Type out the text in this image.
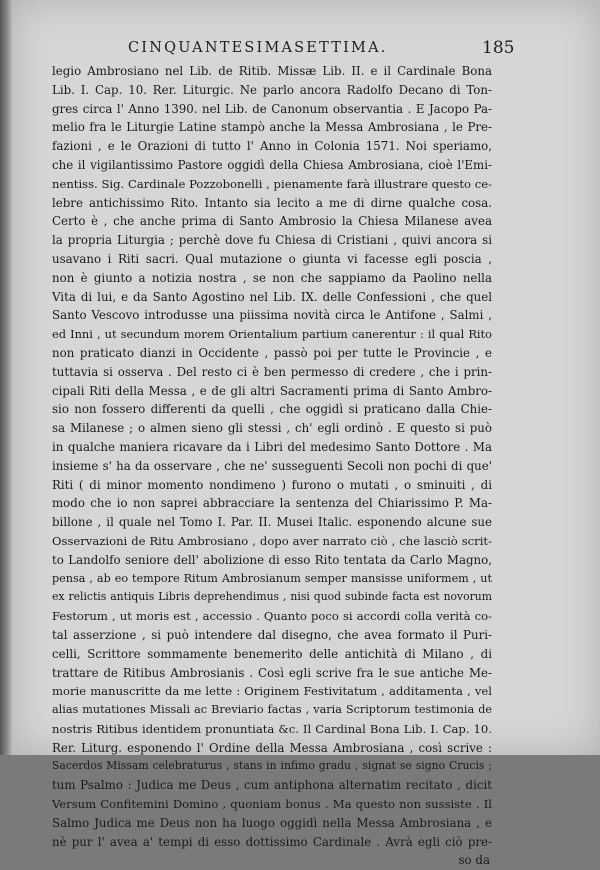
CINQUANTESIMASETTIMA.	185
legio Ambrosiano nel Lib. de Ritib. Missæ Lib. II. e il Cardinale Bona
Lib. I. Cap. 10. Rer. Liturgic. Ne parlo ancora Radolfo Decano di Ton-
gres circa l' Anno 1390. nel Lib. de Canonum observantia . E Jacopo Pa-
melio fra le Liturgie Latine stampò anche la Messa Ambrosiana , le Pre-
fazioni , e le Orazioni di tutto l' Anno in Colonia 1571. Noi speriamo,
che il vigilantissimo Pastore oggidì della Chiesa Ambrosiana, cioè l'Emi-
nentiss. Sig. Cardinale Pozzobonelli , pienamente farà illustrare questo ce-
lebre antichissimo Rito. Intanto sia lecito a me di dirne qualche cosa.
Certo è , che anche prima di Santo Ambrosio la Chiesa Milanese avea
la propria Liturgia ; perchè dove fu Chiesa di Cristiani , quivi ancora si
usavano i Riti sacri. Qual mutazione o giunta vi facesse egli poscia ,
non è giunto a notizia nostra , se non che sappiamo da Paolino nella
Vita di lui, e da Santo Agostino nel Lib. IX. delle Confessioni , che quel
Santo Vescovo introdusse una piissima novità circa le Antifone , Salmi ,
ed Inni , ut secundum morem Orientalium partium canerentur : il qual Rito
non praticato dianzi in Occidente , passò poi per tutte le Provincie , e
tuttavia si osserva . Del resto ci è ben permesso di credere , che i prin-
cipali Riti della Messa , e de gli altri Sacramenti prima di Santo Ambro-
sio non fossero differenti da quelli , che oggidì si praticano dalla Chie-
sa Milanese ; o almen sieno gli stessi , ch' egli ordinò . E questo si può
in qualche maniera ricavare da i Libri del medesimo Santo Dottore . Ma
insieme s' ha da osservare , che ne' susseguenti Secoli non pochi di que'
Riti ( di minor momento nondimeno ) furono o mutati , o sminuiti , di
modo che io non saprei abbracciare la sentenza del Chiarissimo P. Ma-
billone , il quale nel Tomo I. Par. II. Musei Italic. esponendo alcune sue
Osservazioni de Ritu Ambrosiano , dopo aver narrato ciò , che lasciò scrit-
to Landolfo seniore dell' abolizione di esso Rito tentata da Carlo Magno,
pensa , ab eo tempore Ritum Ambrosianum semper mansisse uniformem , ut
ex relictis antiquis Libris deprehendimus , nisi quod subinde facta est novorum
Festorum , ut moris est , accessio . Quanto poco si accordi colla verità co-
tal asserzione , si può intendere dal disegno, che avea formato il Puri-
celli, Scrittore sommamente benemerito delle antichità di Milano , di
trattare de Ritibus Ambrosianis . Così egli scrive fra le sue antiche Me-
morie manuscritte da me lette : Originem Festivitatum , additamenta , vel
alias mutationes Missali ac Breviario factas , varia Scriptorum testimonia de
nostris Ritibus identidem pronuntiata &c. Il Cardinal Bona Lib. I. Cap. 10.
Rer. Liturg. esponendo l' Ordine della Messa Ambrosiana , così scrive :
Sacerdos Missam celebraturus , stans in infimo gradu , signat se signo Crucis ;
tum Psalmo : Judica me Deus , cum antiphona alternatim recitato , dicit
Versum Confitemini Domino , quoniam bonus . Ma questo non sussiste . Il
Salmo Judica me Deus non ha luogo oggidì nella Messa Ambrosiana , e
nè pur l' avea a' tempi di esso dottissimo Cardinale . Avrà egli ciò pre-
so da
